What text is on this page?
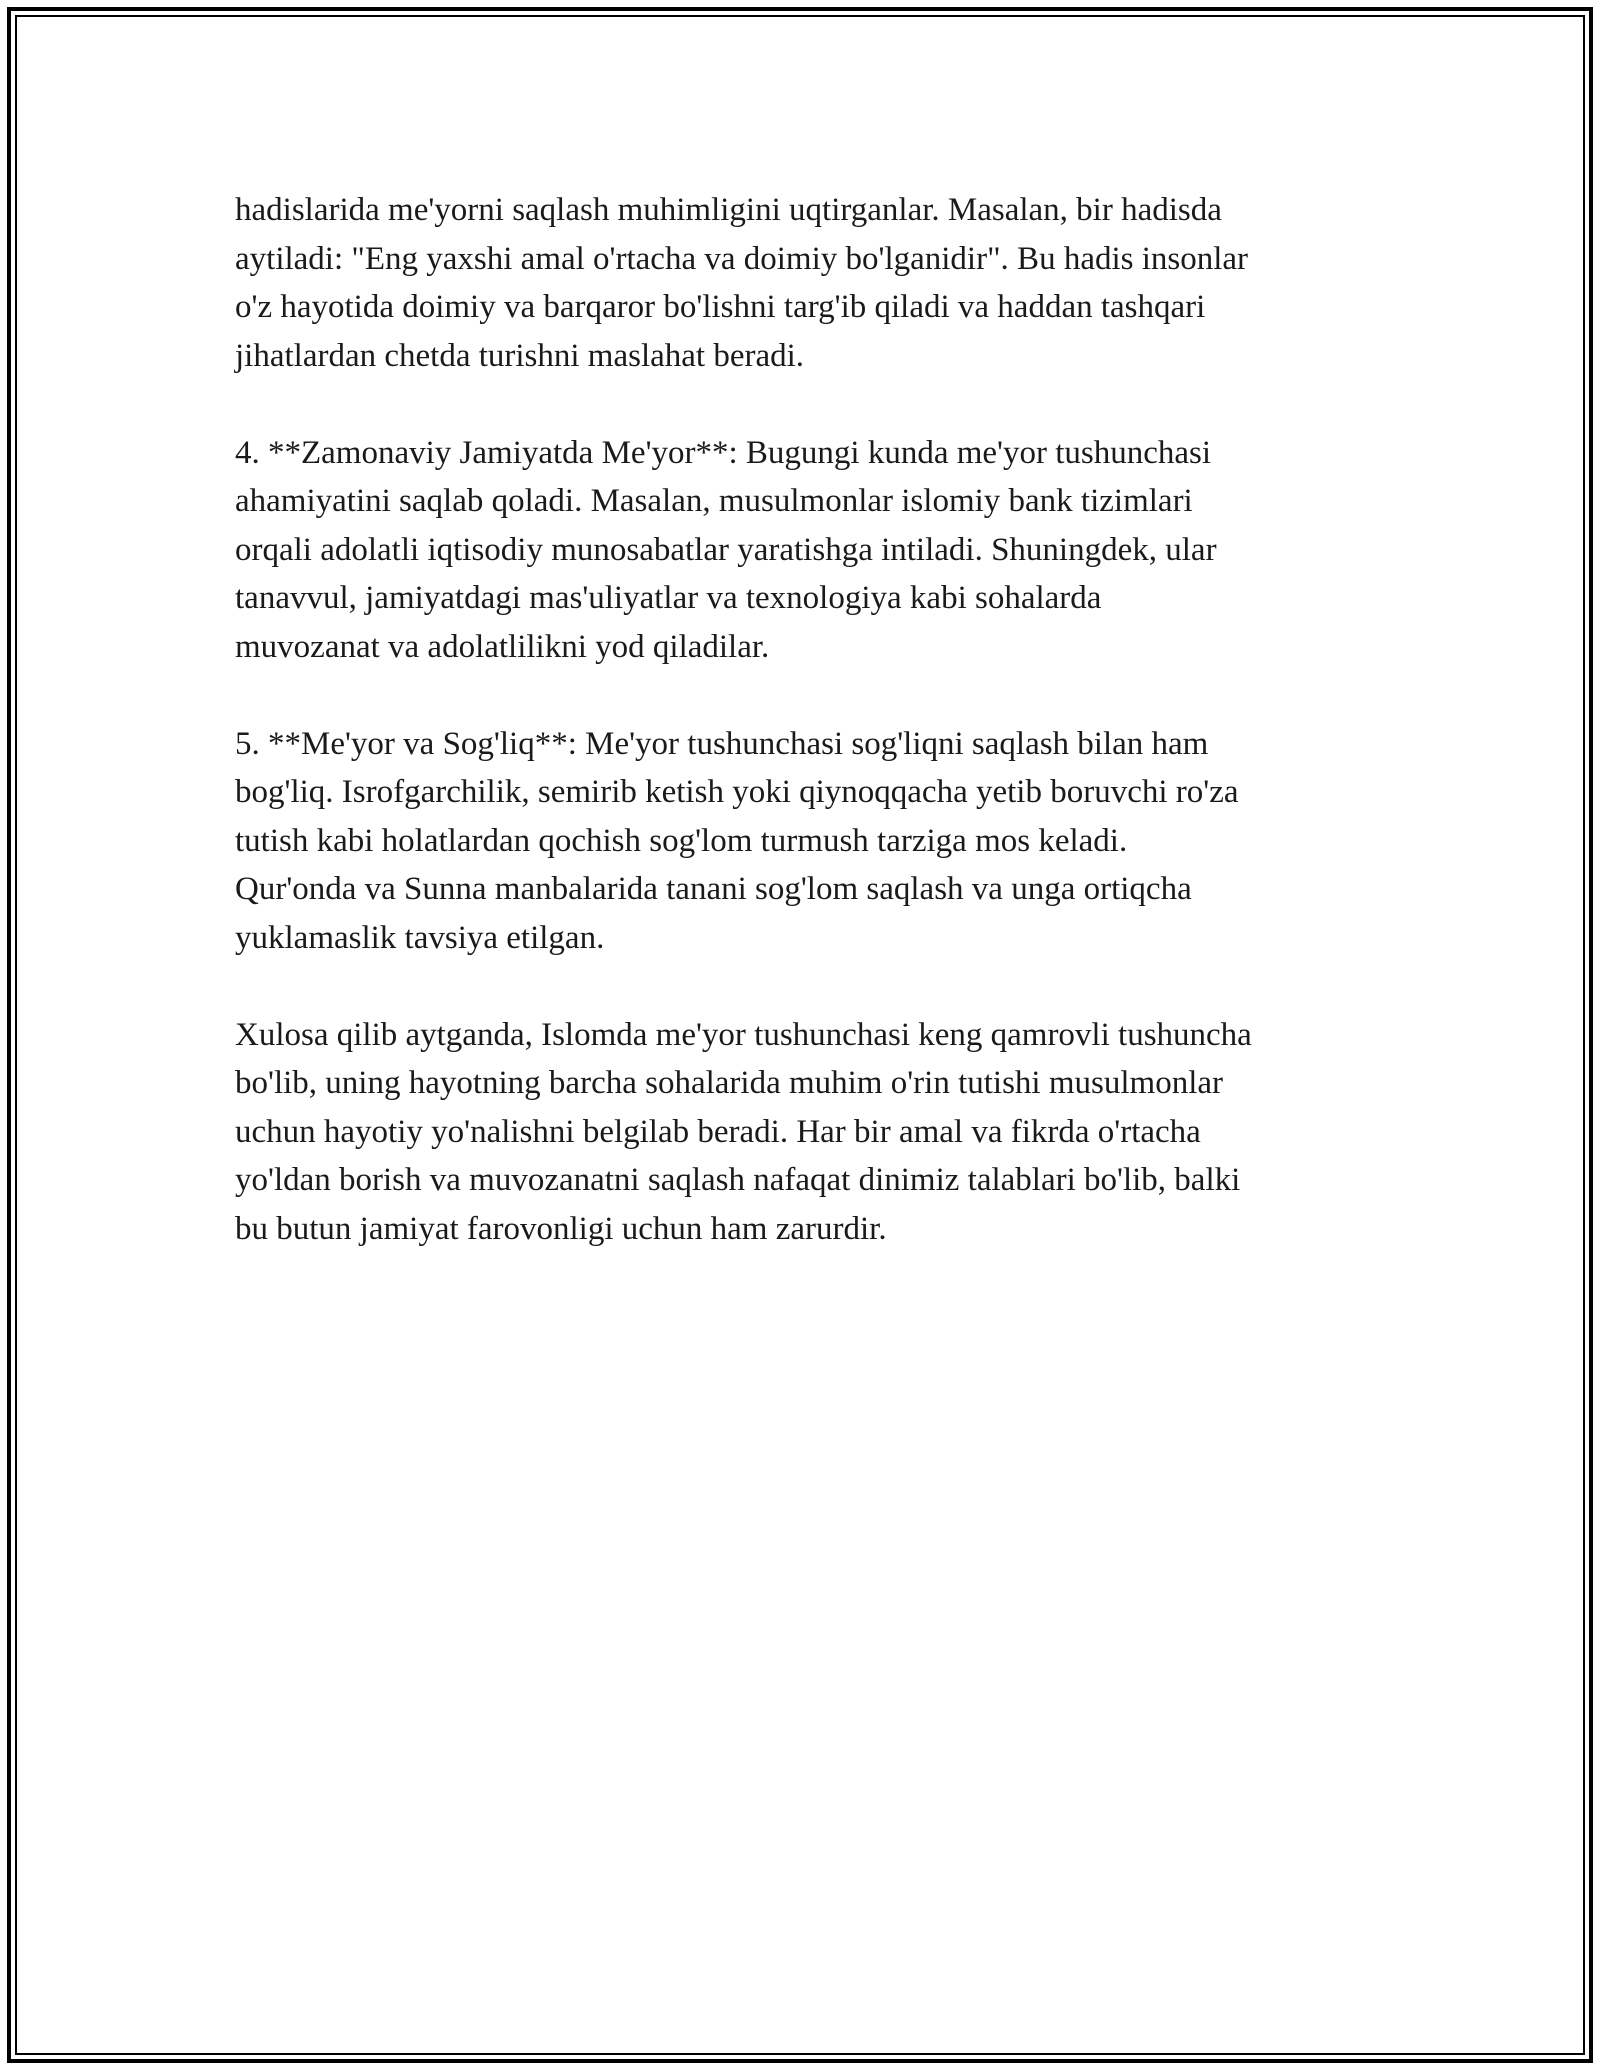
hadislarida me'yorni saqlash muhimligini uqtirganlar. Masalan, bir hadisda
aytiladi: "Eng yaxshi amal o'rtacha va doimiy bo'lganidir". Bu hadis insonlar
o'z hayotida doimiy va barqaror bo'lishni targ'ib qiladi va haddan tashqari
jihatlardan chetda turishni maslahat beradi.

4. **Zamonaviy Jamiyatda Me'yor**: Bugungi kunda me'yor tushunchasi
ahamiyatini saqlab qoladi. Masalan, musulmonlar islomiy bank tizimlari
orqali adolatli iqtisodiy munosabatlar yaratishga intiladi. Shuningdek, ular
tanavvul, jamiyatdagi mas'uliyatlar va texnologiya kabi sohalarda
muvozanat va adolatlilikni yod qiladilar.

5. **Me'yor va Sog'liq**: Me'yor tushunchasi sog'liqni saqlash bilan ham
bog'liq. Isrofgarchilik, semirib ketish yoki qiynoqqacha yetib boruvchi ro'za
tutish kabi holatlardan qochish sog'lom turmush tarziga mos keladi.
Qur'onda va Sunna manbalarida tanani sog'lom saqlash va unga ortiqcha
yuklamaslik tavsiya etilgan.

Xulosa qilib aytganda, Islomda me'yor tushunchasi keng qamrovli tushuncha
bo'lib, uning hayotning barcha sohalarida muhim o'rin tutishi musulmonlar
uchun hayotiy yo'nalishni belgilab beradi. Har bir amal va fikrda o'rtacha
yo'ldan borish va muvozanatni saqlash nafaqat dinimiz talablari bo'lib, balki
bu butun jamiyat farovonligi uchun ham zarurdir.
